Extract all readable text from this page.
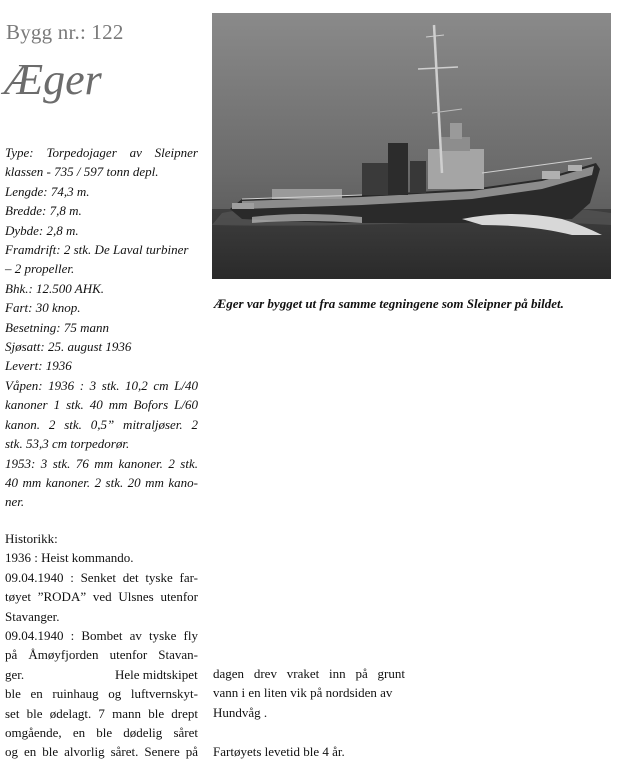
Bygg nr.: 122
Æger
Type: Torpedojager av Sleipner
klassen - 735 / 597 tonn depl.
Lengde: 74,3 m.
Bredde: 7,8 m.
Dybde: 2,8 m.
Framdrift: 2 stk. De Laval turbiner
– 2 propeller.
Bhk.: 12.500 AHK.
Fart: 30 knop.
Besetning: 75 mann
Sjøsatt: 25. august 1936
Levert: 1936
Våpen: 1936 : 3 stk. 10,2 cm L/40
kanoner 1 stk. 40 mm Bofors L/60
kanon. 2 stk. 0,5” mitraljøser. 2
stk. 53,3 cm torpedorør.
1953: 3 stk. 76 mm kanoner. 2 stk.
40 mm kanoner. 2 stk. 20 mm kano-
ner.
Historikk:
1936 : Heist kommando.
09.04.1940 : Senket det tyske far-
tøyet ”RODA” ved Ulsnes utenfor
Stavanger.
09.04.1940 : Bombet av tyske fly
på Åmøyfjorden utenfor Stavan-
ger.	Hele midtskipet
ble en ruinhaug og luftvernskyt-
set ble ødelagt. 7 mann ble drept
omgående, en ble dødelig såret
og en ble alvorlig såret. Senere på
Æger var bygget ut fra samme tegningene som Sleipner på bildet.
dagen drev vraket inn på grunt
vann i en liten vik på nordsiden av
Hundvåg .
Fartøyets levetid ble 4 år.
